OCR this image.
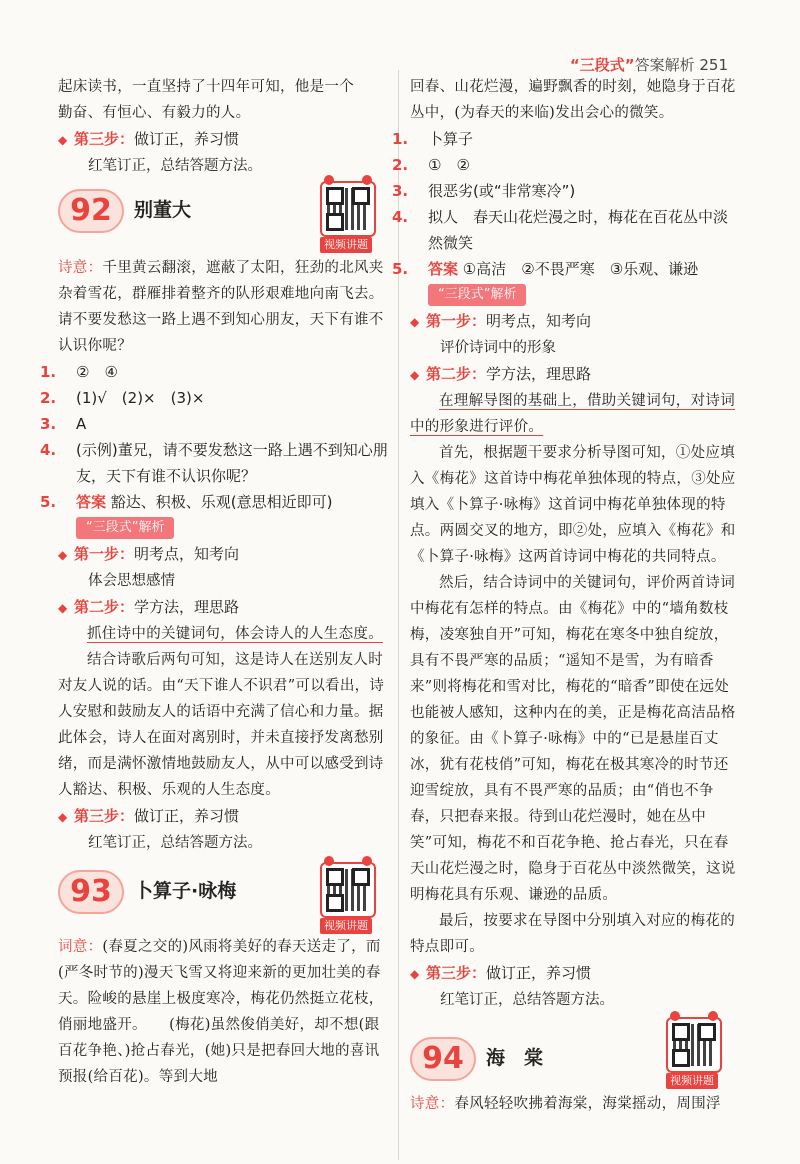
“三段式”答案解析 251
起床读书，一直坚持了十四年可知，他是一个
勤奋、有恒心、有毅力的人。
◆ 第三步：做订正，养习惯
红笔订正，总结答题方法。
92	别董大
视频讲题
诗意：千里黄云翻滚，遮蔽了太阳，狂劲的北风夹杂着雪花，群雁排着整齐的队形艰难地向南飞去。请不要发愁这一路上遇不到知心朋友，天下有谁不认识你呢？
1. ②　④
2. (1)√　(2)×　(3)×
3. A
4. (示例)董兄，请不要发愁这一路上遇不到知心朋友，天下有谁不认识你呢？
5. 答案 豁达、积极、乐观(意思相近即可)
“三段式”解析
◆ 第一步：明考点，知考向
体会思想感情
◆ 第二步：学方法，理思路
抓住诗中的关键词句，体会诗人的人生态度。
结合诗歌后两句可知，这是诗人在送别友人时对友人说的话。由“天下谁人不识君”可以看出，诗人安慰和鼓励友人的话语中充满了信心和力量。据此体会，诗人在面对离别时，并未直接抒发离愁别绪，而是满怀激情地鼓励友人，从中可以感受到诗人豁达、积极、乐观的人生态度。
◆ 第三步：做订正，养习惯
红笔订正，总结答题方法。
93	卜算子·咏梅
视频讲题
词意：(春夏之交的)风雨将美好的春天送走了，而(严冬时节的)漫天飞雪又将迎来新的更加壮美的春天。险峻的悬崖上极度寒冷，梅花仍然挺立花枝，俏丽地盛开。　　(梅花)虽然俊俏美好，却不想(跟百花争艳、)抢占春光，(她)只是把春回大地的喜讯预报(给百花)。等到大地
回春、山花烂漫，遍野飘香的时刻，她隐身于百花丛中，(为春天的来临)发出会心的微笑。
1. 卜算子
2. ①　②
3. 很恶劣(或“非常寒冷”)
4. 拟人　春天山花烂漫之时，梅花在百花丛中淡然微笑
5. 答案 ①高洁　②不畏严寒　③乐观、谦逊
“三段式”解析
◆ 第一步：明考点，知考向
评价诗词中的形象
◆ 第二步：学方法，理思路
在理解导图的基础上，借助关键词句，对诗词中的形象进行评价。
首先，根据题干要求分析导图可知，①处应填入《梅花》这首诗中梅花单独体现的特点，③处应填入《卜算子·咏梅》这首词中梅花单独体现的特点。两圆交叉的地方，即②处，应填入《梅花》和《卜算子·咏梅》这两首诗词中梅花的共同特点。
然后，结合诗词中的关键词句，评价两首诗词中梅花有怎样的特点。由《梅花》中的“墙角数枝梅，凌寒独自开”可知，梅花在寒冬中独自绽放，具有不畏严寒的品质；“遥知不是雪，为有暗香来”则将梅花和雪对比，梅花的“暗香”即使在远处也能被人感知，这种内在的美，正是梅花高洁品格的象征。由《卜算子·咏梅》中的“已是悬崖百丈冰，犹有花枝俏”可知，梅花在极其寒冷的时节还迎雪绽放，具有不畏严寒的品质；由“俏也不争春，只把春来报。待到山花烂漫时，她在丛中笑”可知，梅花不和百花争艳、抢占春光，只在春天山花烂漫之时，隐身于百花丛中淡然微笑，这说明梅花具有乐观、谦逊的品质。
最后，按要求在导图中分别填入对应的梅花的特点即可。
◆ 第三步：做订正，养习惯
红笔订正，总结答题方法。
94	海　棠
视频讲题
诗意：春风轻轻吹拂着海棠，海棠摇动，周围浮
